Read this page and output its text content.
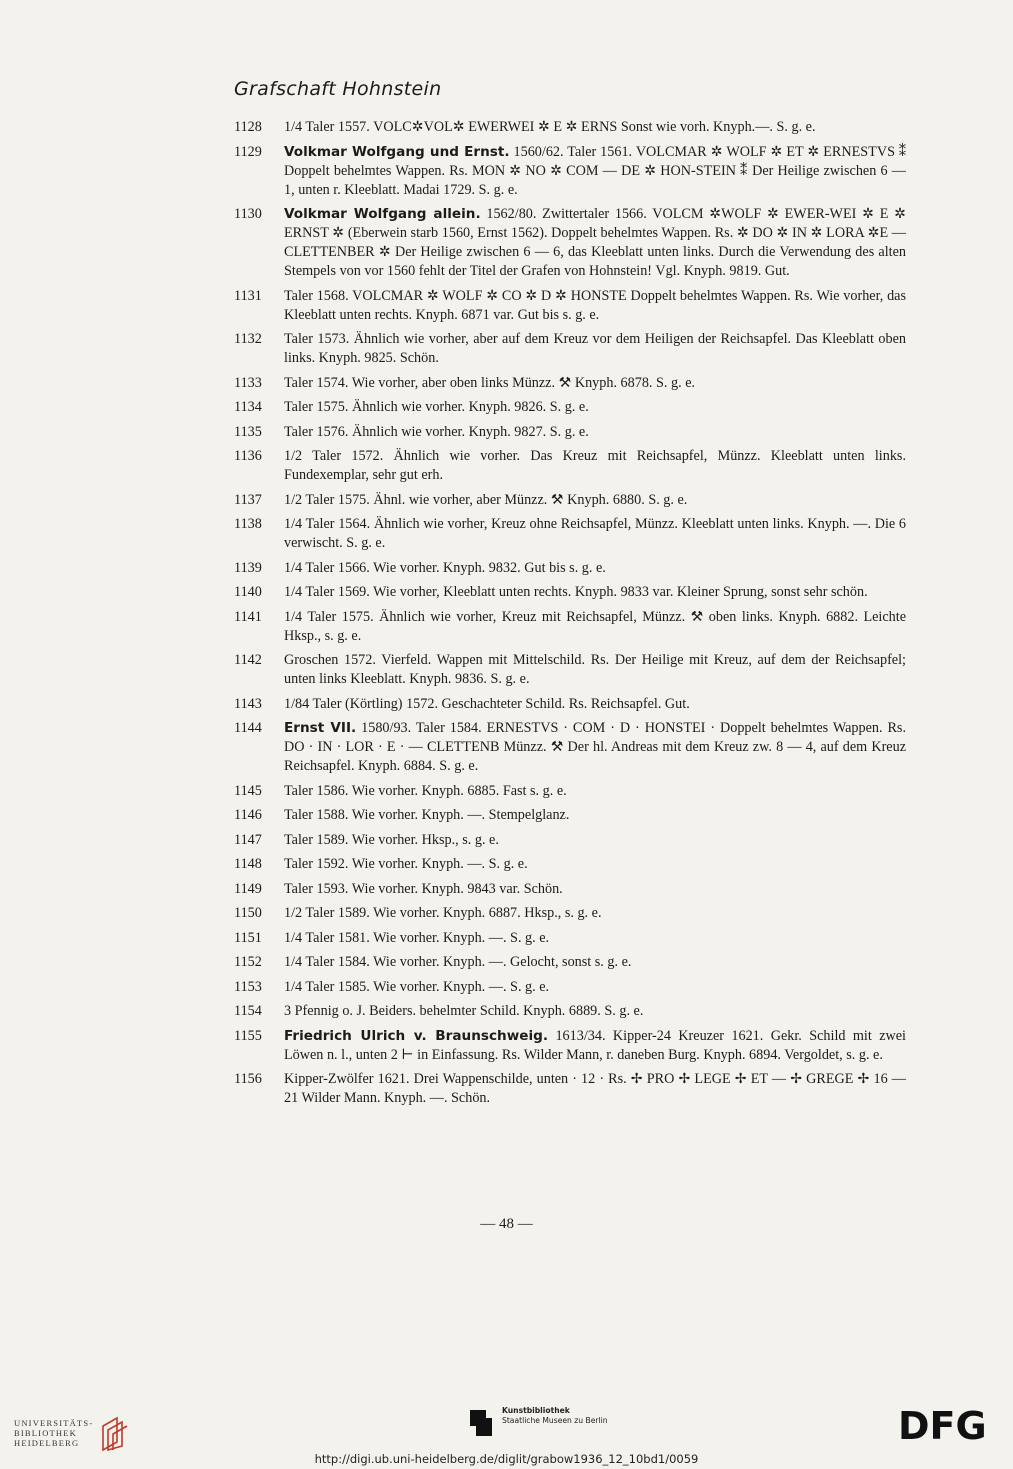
Grafschaft Hohnstein
1128	1/4 Taler 1557. VOLC✲VOL✲ EWERWEI ✲ E ✲ ERNS Sonst wie vorh. Knyph.—. S. g. e.
1129	Volkmar Wolfgang und Ernst. 1560/62. Taler 1561. VOLCMAR ✲ WOLF ✲ ET ✲ ERNESTVS ⁑ Doppelt behelmtes Wappen. Rs. MON ✲ NO ✲ COM — DE ✲ HON-STEIN ⁑ Der Heilige zwischen 6 — 1, unten r. Kleeblatt. Madai 1729. S. g. e.
1130	Volkmar Wolfgang allein. 1562/80. Zwittertaler 1566. VOLCM ✲WOLF ✲ EWER-WEI ✲ E ✲ ERNST ✲ (Eberwein starb 1560, Ernst 1562). Doppelt behelmtes Wappen. Rs. ✲ DO ✲ IN ✲ LORA ✲E — CLETTENBER ✲ Der Heilige zwischen 6 — 6, das Kleeblatt unten links. Durch die Verwendung des alten Stempels von vor 1560 fehlt der Titel der Grafen von Hohnstein! Vgl. Knyph. 9819. Gut.
1131	Taler 1568. VOLCMAR ✲ WOLF ✲ CO ✲ D ✲ HONSTE Doppelt behelmtes Wappen. Rs. Wie vorher, das Kleeblatt unten rechts. Knyph. 6871 var. Gut bis s. g. e.
1132	Taler 1573. Ähnlich wie vorher, aber auf dem Kreuz vor dem Heiligen der Reichsapfel. Das Kleeblatt oben links. Knyph. 9825. Schön.
1133	Taler 1574. Wie vorher, aber oben links Münzz. ⚒ Knyph. 6878. S. g. e.
1134	Taler 1575. Ähnlich wie vorher. Knyph. 9826. S. g. e.
1135	Taler 1576. Ähnlich wie vorher. Knyph. 9827. S. g. e.
1136	1/2 Taler 1572. Ähnlich wie vorher. Das Kreuz mit Reichsapfel, Münzz. Kleeblatt unten links. Fundexemplar, sehr gut erh.
1137	1/2 Taler 1575. Ähnl. wie vorher, aber Münzz. ⚒ Knyph. 6880. S. g. e.
1138	1/4 Taler 1564. Ähnlich wie vorher, Kreuz ohne Reichsapfel, Münzz. Kleeblatt unten links. Knyph. —. Die 6 verwischt. S. g. e.
1139	1/4 Taler 1566. Wie vorher. Knyph. 9832. Gut bis s. g. e.
1140	1/4 Taler 1569. Wie vorher, Kleeblatt unten rechts. Knyph. 9833 var. Kleiner Sprung, sonst sehr schön.
1141	1/4 Taler 1575. Ähnlich wie vorher, Kreuz mit Reichsapfel, Münzz. ⚒ oben links. Knyph. 6882. Leichte Hksp., s. g. e.
1142	Groschen 1572. Vierfeld. Wappen mit Mittelschild. Rs. Der Heilige mit Kreuz, auf dem der Reichsapfel; unten links Kleeblatt. Knyph. 9836. S. g. e.
1143	1/84 Taler (Körtling) 1572. Geschachteter Schild. Rs. Reichsapfel. Gut.
1144	Ernst VII. 1580/93. Taler 1584. ERNESTVS · COM · D · HONSTEI · Doppelt behelmtes Wappen. Rs. DO · IN · LOR · E · — CLETTENB Münzz. ⚒ Der hl. Andreas mit dem Kreuz zw. 8 — 4, auf dem Kreuz Reichsapfel. Knyph. 6884. S. g. e.
1145	Taler 1586. Wie vorher. Knyph. 6885. Fast s. g. e.
1146	Taler 1588. Wie vorher. Knyph. —. Stempelglanz.
1147	Taler 1589. Wie vorher. Hksp., s. g. e.
1148	Taler 1592. Wie vorher. Knyph. —. S. g. e.
1149	Taler 1593. Wie vorher. Knyph. 9843 var. Schön.
1150	1/2 Taler 1589. Wie vorher. Knyph. 6887. Hksp., s. g. e.
1151	1/4 Taler 1581. Wie vorher. Knyph. —. S. g. e.
1152	1/4 Taler 1584. Wie vorher. Knyph. —. Gelocht, sonst s. g. e.
1153	1/4 Taler 1585. Wie vorher. Knyph. —. S. g. e.
1154	3 Pfennig o. J. Beiders. behelmter Schild. Knyph. 6889. S. g. e.
1155	Friedrich Ulrich v. Braunschweig. 1613/34. Kipper-24 Kreuzer 1621. Gekr. Schild mit zwei Löwen n. l., unten 2 ⊢ in Einfassung. Rs. Wilder Mann, r. daneben Burg. Knyph. 6894. Vergoldet, s. g. e.
1156	Kipper-Zwölfer 1621. Drei Wappenschilde, unten · 12 · Rs. ✢ PRO ✢ LEGE ✢ ET — ✢ GREGE ✢ 16 — 21 Wilder Mann. Knyph. —. Schön.
— 48 —
UNIVERSITÄTS-
BIBLIOTHEK
HEIDELBERG
Kunstbibliothek
Staatliche Museen zu Berlin	DFG
http://digi.ub.uni-heidelberg.de/diglit/grabow1936_12_10bd1/0059
